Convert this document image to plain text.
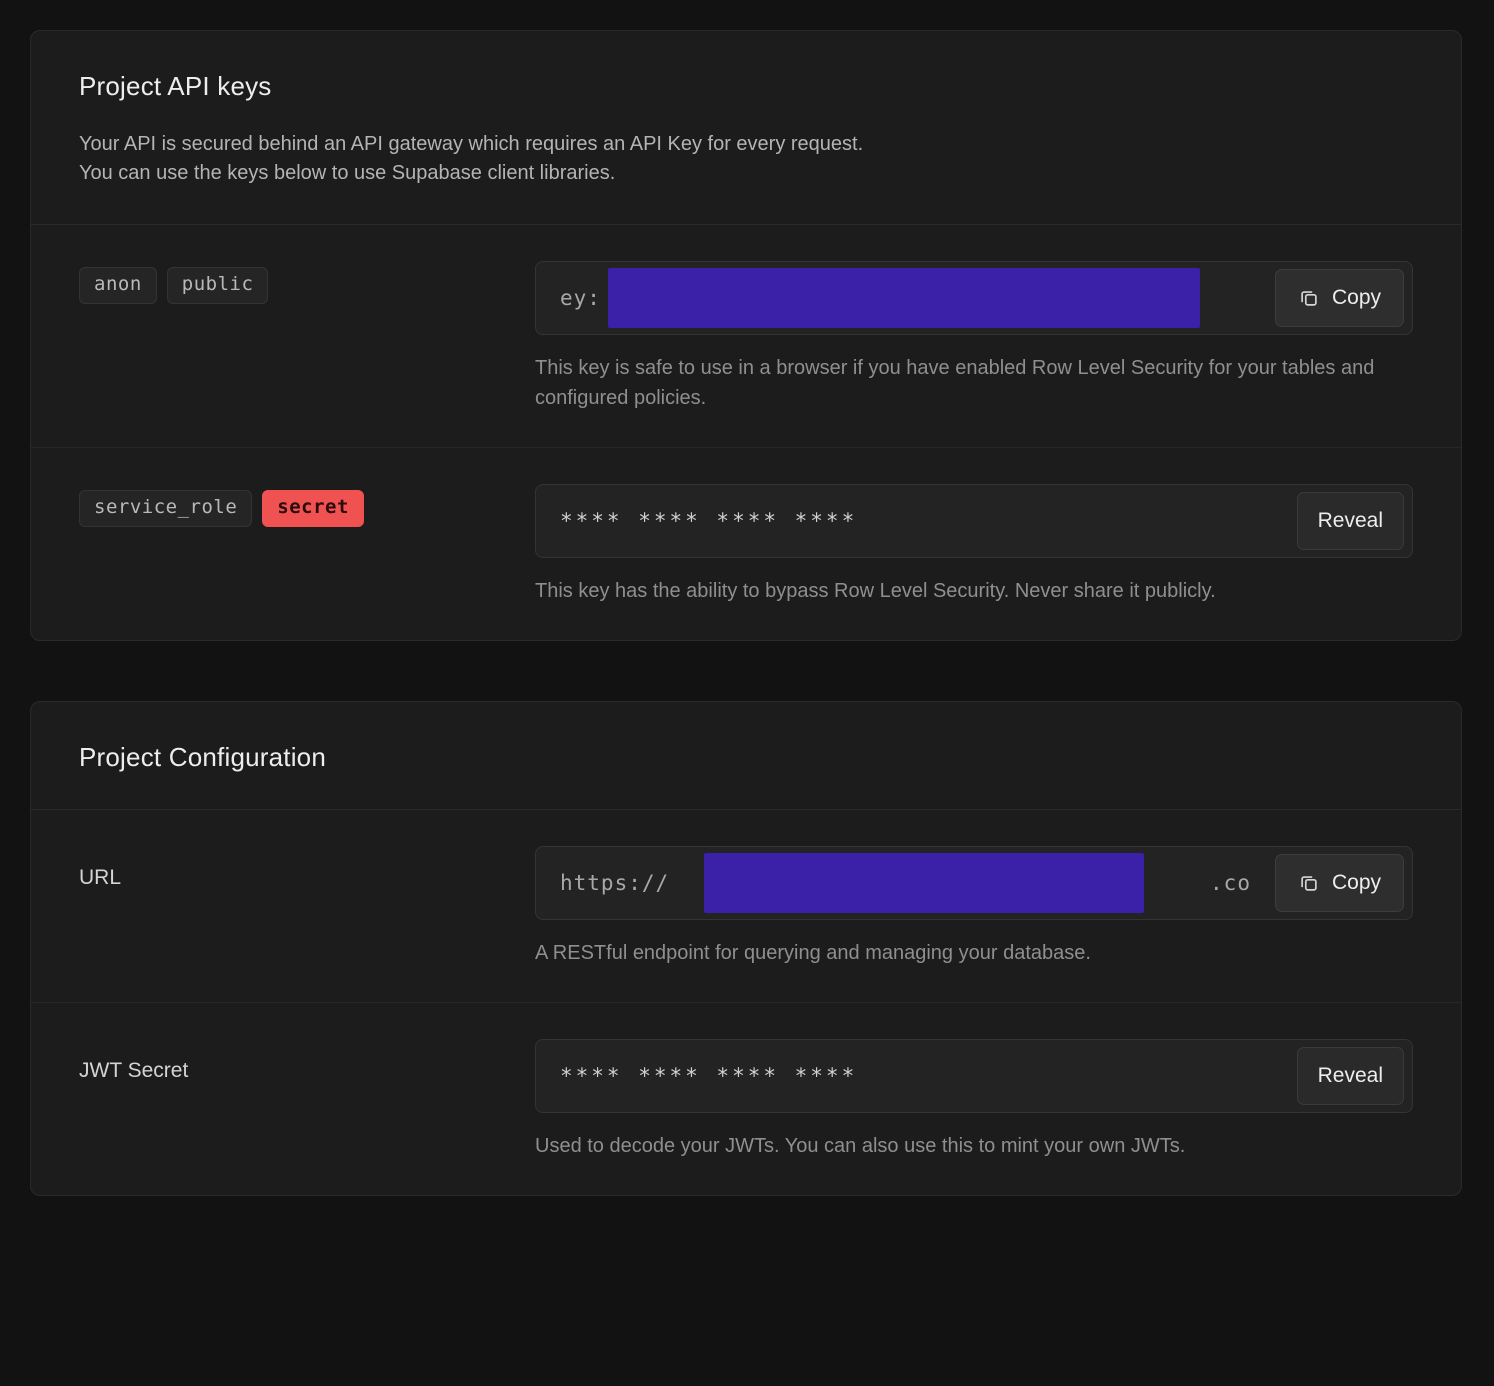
Project API keys

Your API is secured behind an API gateway which requires an API Key for every request.
You can use the keys below to use Supabase client libraries.

anon	public
ey:	Copy
This key is safe to use in a browser if you have enabled Row Level Security for your tables and configured policies.
service_role	secret
**** **** **** ****	Reveal
This key has the ability to bypass Row Level Security. Never share it publicly.
Project Configuration
URL	https://	.co	Copy
A RESTful endpoint for querying and managing your database.
JWT Secret	**** **** **** ****	Reveal
Used to decode your JWTs. You can also use this to mint your own JWTs.
